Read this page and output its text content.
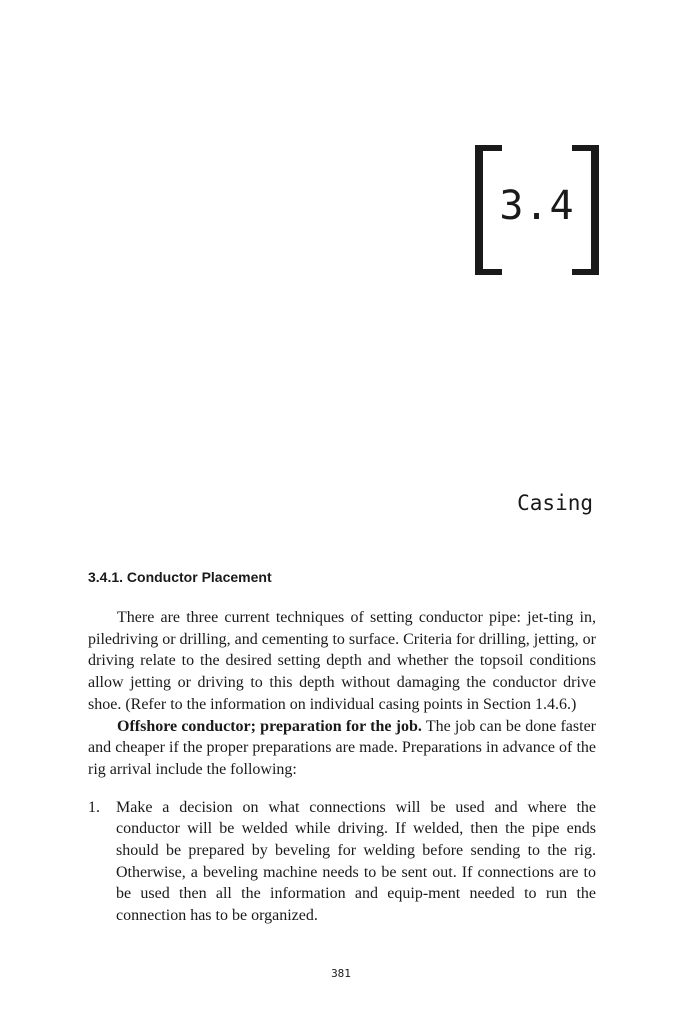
3.4
Casing
3.4.1. Conductor Placement

There are three current techniques of setting conductor pipe: jet-ting in, piledriving or drilling, and cementing to surface. Criteria for drilling, jetting, or driving relate to the desired setting depth and whether the topsoil conditions allow jetting or driving to this depth without damaging the conductor drive shoe. (Refer to the information on individual casing points in Section 1.4.6.)

Offshore conductor; preparation for the job. The job can be done faster and cheaper if the proper preparations are made. Preparations in advance of the rig arrival include the following:

1. Make a decision on what connections will be used and where the conductor will be welded while driving. If welded, then the pipe ends should be prepared by beveling for welding before sending to the rig. Otherwise, a beveling machine needs to be sent out. If connections are to be used then all the information and equip-ment needed to run the connection has to be organized.
381
